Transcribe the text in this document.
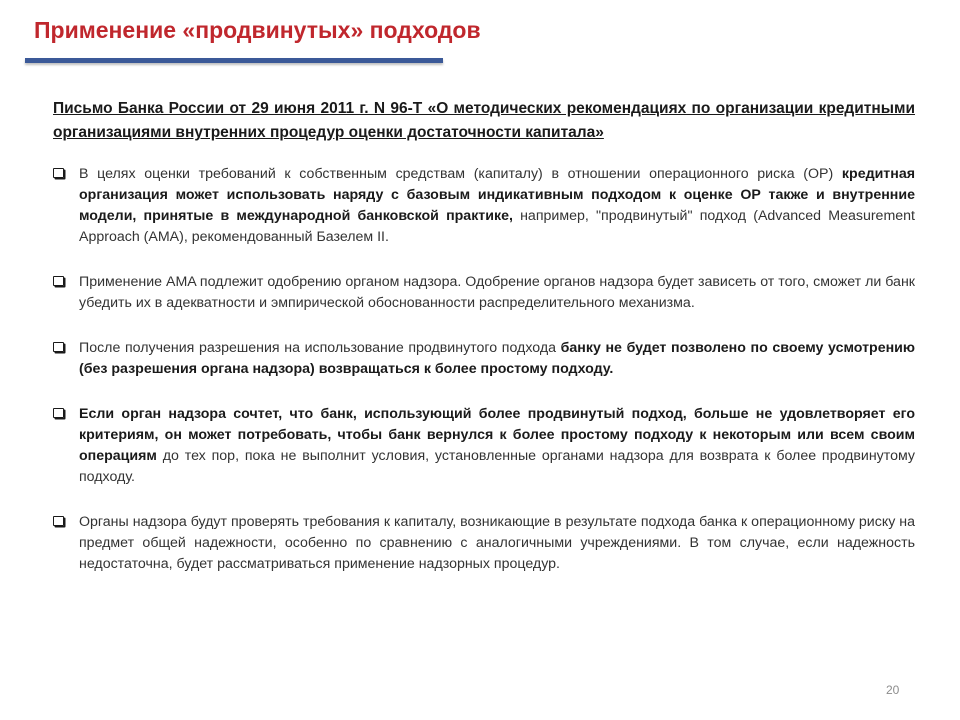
Применение «продвинутых» подходов

Письмо Банка России от 29 июня 2011 г. N 96-Т «О методических рекомендациях по организации кредитными организациями внутренних процедур оценки достаточности капитала»

В целях оценки требований к собственным средствам (капиталу) в отношении операционного риска (ОР) кредитная организация может использовать наряду с базовым индикативным подходом к оценке ОР также и внутренние модели, принятые в международной банковской практике, например, "продвинутый" подход (Advanced Measurement Approach (AMA), рекомендованный Базелем II.
Применение AMA подлежит одобрению органом надзора. Одобрение органов надзора будет зависеть от того, сможет ли банк убедить их в адекватности и эмпирической обоснованности распределительного механизма.
После получения разрешения на использование продвинутого подхода банку не будет позволено по своему усмотрению (без разрешения органа надзора) возвращаться к более простому подходу.
Если орган надзора сочтет, что банк, использующий более продвинутый подход, больше не удовлетворяет его критериям, он может потребовать, чтобы банк вернулся к более простому подходу к некоторым или всем своим операциям до тех пор, пока не выполнит условия, установленные органами надзора для возврата к более продвинутому подходу.
Органы надзора будут проверять требования к капиталу, возникающие в результате подхода банка к операционному риску на предмет общей надежности, особенно по сравнению с аналогичными учреждениями. В том случае, если надежность недостаточна, будет рассматриваться применение надзорных процедур.
20
